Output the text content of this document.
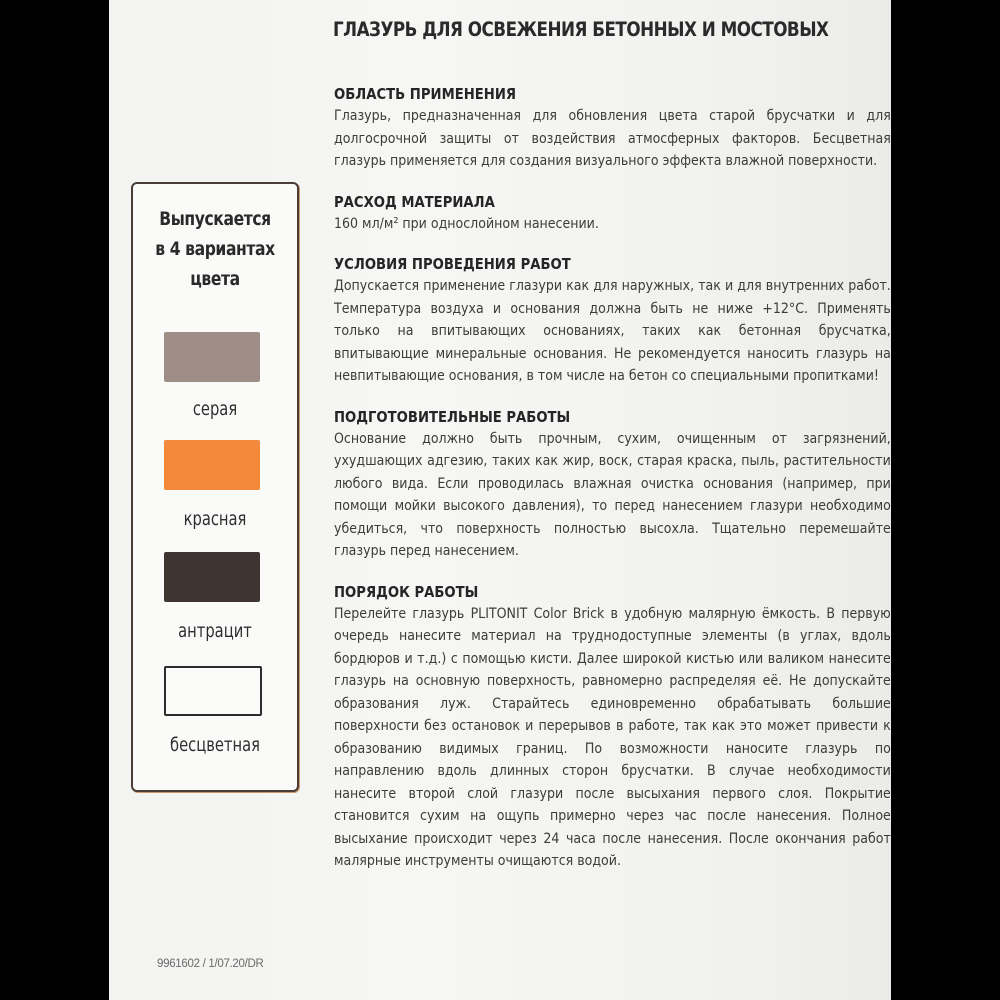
ГЛАЗУРЬ ДЛЯ ОСВЕЖЕНИЯ БЕТОННЫХ И МОСТОВЫХ
Выпускается
в 4 вариантах
цвета
серая
красная
антрацит
бесцветная
ОБЛАСТЬ ПРИМЕНЕНИЯ
Глазурь, предназначенная для обновления цвета старой брусчатки и для долгосрочной защиты от воздействия атмосферных факторов. Бесцветная глазурь применяется для создания визуального эффекта влажной поверхности.
РАСХОД МАТЕРИАЛА
160 мл/м² при однослойном нанесении.
УСЛОВИЯ ПРОВЕДЕНИЯ РАБОТ
Допускается применение глазури как для наружных, так и для внутренних работ. Температура воздуха и основания должна быть не ниже +12°С. Применять только на впитывающих основаниях, таких как бетонная брусчатка, впитывающие минеральные основания. Не рекомендуется наносить глазурь на невпитывающие основания, в том числе на бетон со специальными пропитками!
ПОДГОТОВИТЕЛЬНЫЕ РАБОТЫ
Основание должно быть прочным, сухим, очищенным от загрязнений, ухудшающих адгезию, таких как жир, воск, старая краска, пыль, растительности любого вида. Если проводилась влажная очистка основания (например, при помощи мойки высокого давления), то перед нанесением глазури необходимо убедиться, что поверхность полностью высохла. Тщательно перемешайте глазурь перед нанесением.
ПОРЯДОК РАБОТЫ
Перелейте глазурь PLITONIT Color Brick в удобную малярную ёмкость. В первую очередь нанесите материал на труднодоступные элементы (в углах, вдоль бордюров и т.д.) с помощью кисти. Далее широкой кистью или валиком нанесите глазурь на основную поверхность, равномерно распределяя её. Не допускайте образования луж. Старайтесь единовременно обрабатывать большие поверхности без остановок и перерывов в работе, так как это может привести к образованию видимых границ. По возможности наносите глазурь по направлению вдоль длинных сторон брусчатки. В случае необходимости нанесите второй слой глазури после высыхания первого слоя. Покрытие становится сухим на ощупь примерно через час после нанесения. Полное высыхание происходит через 24 часа после нанесения. После окончания работ малярные инструменты очищаются водой.
9961602 / 1/07.20/DR
